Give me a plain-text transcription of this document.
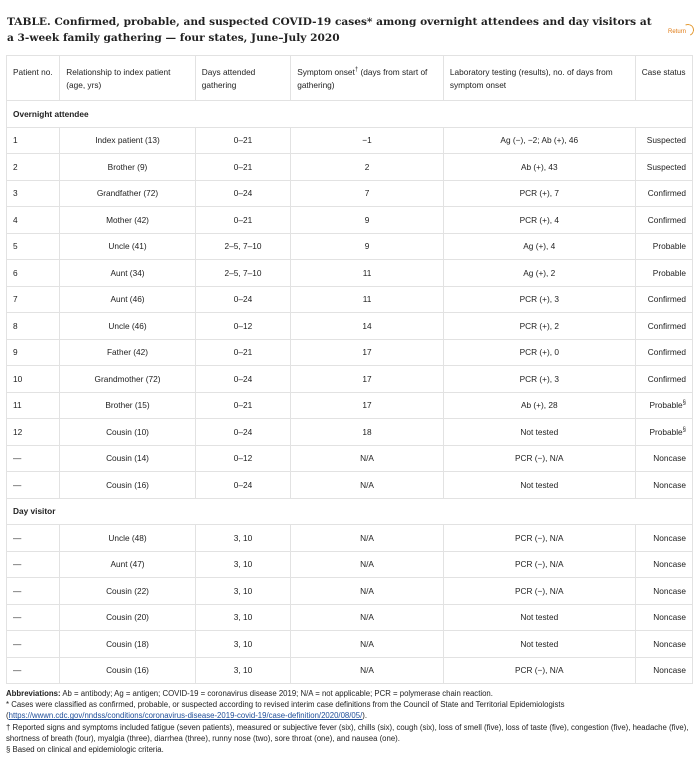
TABLE. Confirmed, probable, and suspected COVID-19 cases* among overnight attendees and day visitors at a 3-week family gathering — four states, June–July 2020	Return
Patient no.	Relationship to index patient (age, yrs)	Days attended gathering	Symptom onset† (days from start of gathering)	Laboratory testing (results), no. of days from symptom onset	Case status
Overnight attendee					
1	Index patient (13)	0–21	−1	Ag (−), −2; Ab (+), 46	Suspected
2	Brother (9)	0–21	2	Ab (+), 43	Suspected
3	Grandfather (72)	0–24	7	PCR (+), 7	Confirmed
4	Mother (42)	0–21	9	PCR (+), 4	Confirmed
5	Uncle (41)	2–5, 7–10	9	Ag (+), 4	Probable
6	Aunt (34)	2–5, 7–10	11	Ag (+), 2	Probable
7	Aunt (46)	0–24	11	PCR (+), 3	Confirmed
8	Uncle (46)	0–12	14	PCR (+), 2	Confirmed
9	Father (42)	0–21	17	PCR (+), 0	Confirmed
10	Grandmother (72)	0–24	17	PCR (+), 3	Confirmed
11	Brother (15)	0–21	17	Ab (+), 28	Probable§
12	Cousin (10)	0–24	18	Not tested	Probable§
—	Cousin (14)	0–12	N/A	PCR (−), N/A	Noncase
—	Cousin (16)	0–24	N/A	Not tested	Noncase
Day visitor					
—	Uncle (48)	3, 10	N/A	PCR (−), N/A	Noncase
—	Aunt (47)	3, 10	N/A	PCR (−), N/A	Noncase
—	Cousin (22)	3, 10	N/A	PCR (−), N/A	Noncase
—	Cousin (20)	3, 10	N/A	Not tested	Noncase
—	Cousin (18)	3, 10	N/A	Not tested	Noncase
—	Cousin (16)	3, 10	N/A	PCR (−), N/A	Noncase

Abbreviations: Ab = antibody; Ag = antigen; COVID-19 = coronavirus disease 2019; N/A = not applicable; PCR = polymerase chain reaction.

* Cases were classified as confirmed, probable, or suspected according to revised interim case definitions from the Council of State and Territorial Epidemiologists (https://wwwn.cdc.gov/nndss/conditions/coronavirus-disease-2019-covid-19/case-definition/2020/08/05/).

† Reported signs and symptoms included fatigue (seven patients), measured or subjective fever (six), chills (six), cough (six), loss of smell (five), loss of taste (five), congestion (five), headache (five), shortness of breath (four), myalgia (three), diarrhea (three), runny nose (two), sore throat (one), and nausea (one).

§ Based on clinical and epidemiologic criteria.
